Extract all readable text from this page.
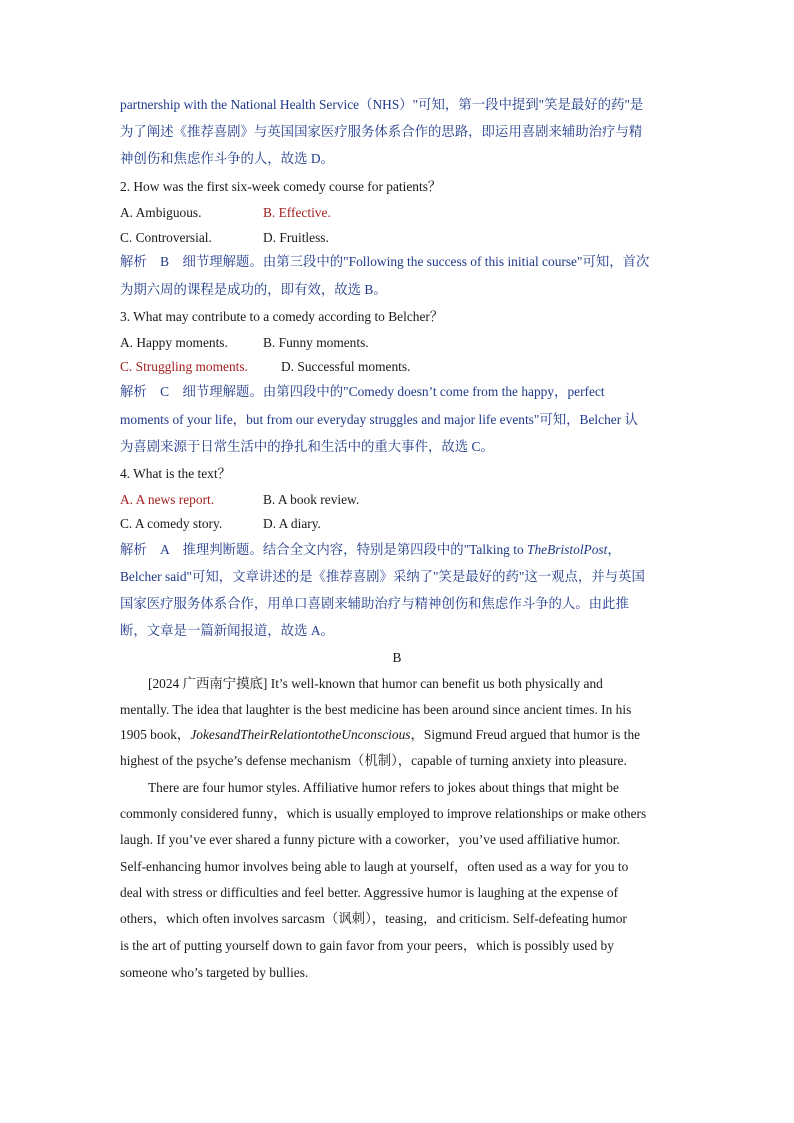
partnership with the National Health Service（NHS）"可知，第一段中提到"笑是最好的药"是
为了阐述《推荐喜剧》与英国国家医疗服务体系合作的思路，即运用喜剧来辅助治疗与精
神创伤和焦虑作斗争的人，故选 D。
2. How was the first six-week comedy course for patients？
A. Ambiguous.	B. Effective.
C. Controversial.	D. Fruitless.
解析　B　细节理解题。由第三段中的"Following the success of this initial course"可知，首次
为期六周的课程是成功的，即有效，故选 B。
3. What may contribute to a comedy according to Belcher？
A. Happy moments.	B. Funny moments.
C. Struggling moments. D. Successful moments.
解析　C　细节理解题。由第四段中的"Comedy doesn’t come from the happy，perfect
moments of your life，but from our everyday struggles and major life events"可知，Belcher 认
为喜剧来源于日常生活中的挣扎和生活中的重大事件，故选 C。
4. What is the text？
A. A news report.	B. A book review.
C. A comedy story.	D. A diary.
解析　A　推理判断题。结合全文内容，特别是第四段中的"Talking to TheBristolPost，
Belcher said"可知，文章讲述的是《推荐喜剧》采纳了"笑是最好的药"这一观点，并与英国
国家医疗服务体系合作，用单口喜剧来辅助治疗与精神创伤和焦虑作斗争的人。由此推
断，文章是一篇新闻报道，故选 A。
B
[2024 广西南宁摸底] It’s well-known that humor can benefit us both physically and
mentally. The idea that laughter is the best medicine has been around since ancient times. In his
1905 book，JokesandTheirRelationtotheUnconscious，Sigmund Freud argued that humor is the
highest of the psyche’s defense mechanism（机制），capable of turning anxiety into pleasure.
There are four humor styles. Affiliative humor refers to jokes about things that might be
commonly considered funny，which is usually employed to improve relationships or make others
laugh. If you’ve ever shared a funny picture with a coworker，you’ve used affiliative humor.
Self-enhancing humor involves being able to laugh at yourself，often used as a way for you to
deal with stress or difficulties and feel better. Aggressive humor is laughing at the expense of
others，which often involves sarcasm（讽刺），teasing，and criticism. Self-defeating humor
is the art of putting yourself down to gain favor from your peers，which is possibly used by
someone who’s targeted by bullies.
